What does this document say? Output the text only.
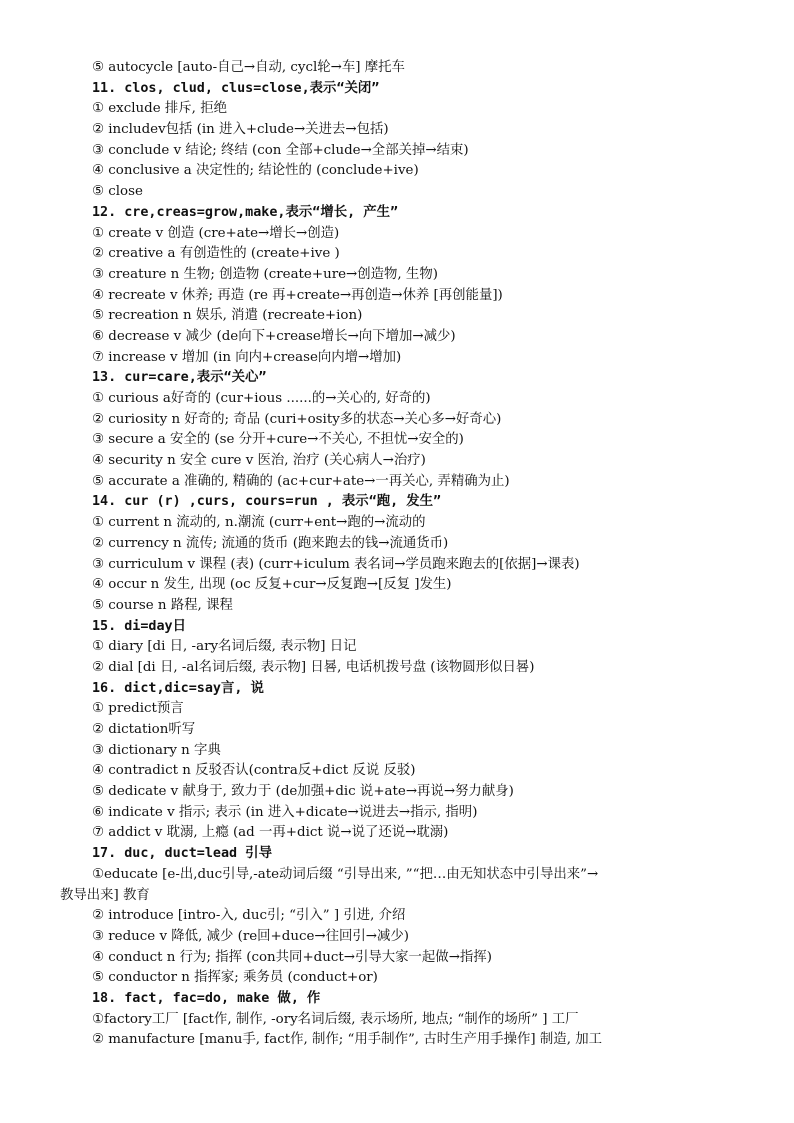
⑤ autocycle [auto-自己→自动, cycl轮→车] 摩托车
11. clos, clud, clus=close,表示“关闭”
① exclude 排斥, 拒绝
② includev包括 (in 进入+clude→关进去→包括)
③ conclude v 结论; 终结 (con 全部+clude→全部关掉→结束)
④ conclusive a 决定性的; 结论性的 (conclude+ive)
⑤ close
12. cre,creas=grow,make,表示“增长, 产生”
① create v 创造 (cre+ate→增长→创造)
② creative a 有创造性的 (create+ive )
③ creature n 生物; 创造物 (create+ure→创造物, 生物)
④ recreate v 休养; 再造 (re 再+create→再创造→休养 [再创能量])
⑤ recreation n 娱乐, 消遣 (recreate+ion)
⑥ decrease v 减少 (de向下+crease增长→向下增加→减少)
⑦ increase v 增加 (in 向内+crease向内增→增加)
13. cur=care,表示“关心”
① curious a好奇的 (cur+ious ......的→关心的, 好奇的)
② curiosity n 好奇的; 奇品 (curi+osity多的状态→关心多→好奇心)
③ secure a 安全的 (se 分开+cure→不关心, 不担忧→安全的)
④ security n 安全 cure v 医治, 治疗 (关心病人→治疗)
⑤ accurate a 准确的, 精确的 (ac+cur+ate→一再关心, 弄精确为止)
14. cur (r) ,curs, cours=run , 表示“跑, 发生”
① current n 流动的, n.潮流 (curr+ent→跑的→流动的
② currency n 流传; 流通的货币 (跑来跑去的钱→流通货币)
③ curriculum v 课程 (表) (curr+iculum 表名词→学员跑来跑去的[依据]→课表)
④ occur n 发生, 出现 (oc 反复+cur→反复跑→[反复 ]发生)
⑤ course n 路程, 课程
15. di=day日
① diary [di 日, -ary名词后缀, 表示物] 日记
② dial [di 日, -al名词后缀, 表示物] 日晷, 电话机拨号盘 (该物圆形似日晷)
16. dict,dic=say言, 说
① predict预言
② dictation听写
③ dictionary n 字典
④ contradict n 反驳否认(contra反+dict 反说 反驳)
⑤ dedicate v 献身于, 致力于 (de加强+dic 说+ate→再说→努力献身)
⑥ indicate v 指示; 表示 (in 进入+dicate→说进去→指示, 指明)
⑦ addict v 耽溺, 上瘾 (ad 一再+dict 说→说了还说→耽溺)
17. duc, duct=lead 引导
①educate [e-出,duc引导,-ate动词后缀 “引导出来, ”“把…由无知状态中引导出来”→
教导出来] 教育
② introduce [intro-入, duc引; “引入” ] 引进, 介绍
③ reduce v 降低, 减少 (re回+duce→往回引→减少)
④ conduct n 行为; 指挥 (con共同+duct→引导大家一起做→指挥)
⑤ conductor n 指挥家; 乘务员 (conduct+or)
18. fact, fac=do, make 做, 作
①factory工厂 [fact作, 制作, -ory名词后缀, 表示场所, 地点; “制作的场所” ] 工厂
② manufacture [manu手, fact作, 制作; “用手制作”, 古时生产用手操作] 制造, 加工
